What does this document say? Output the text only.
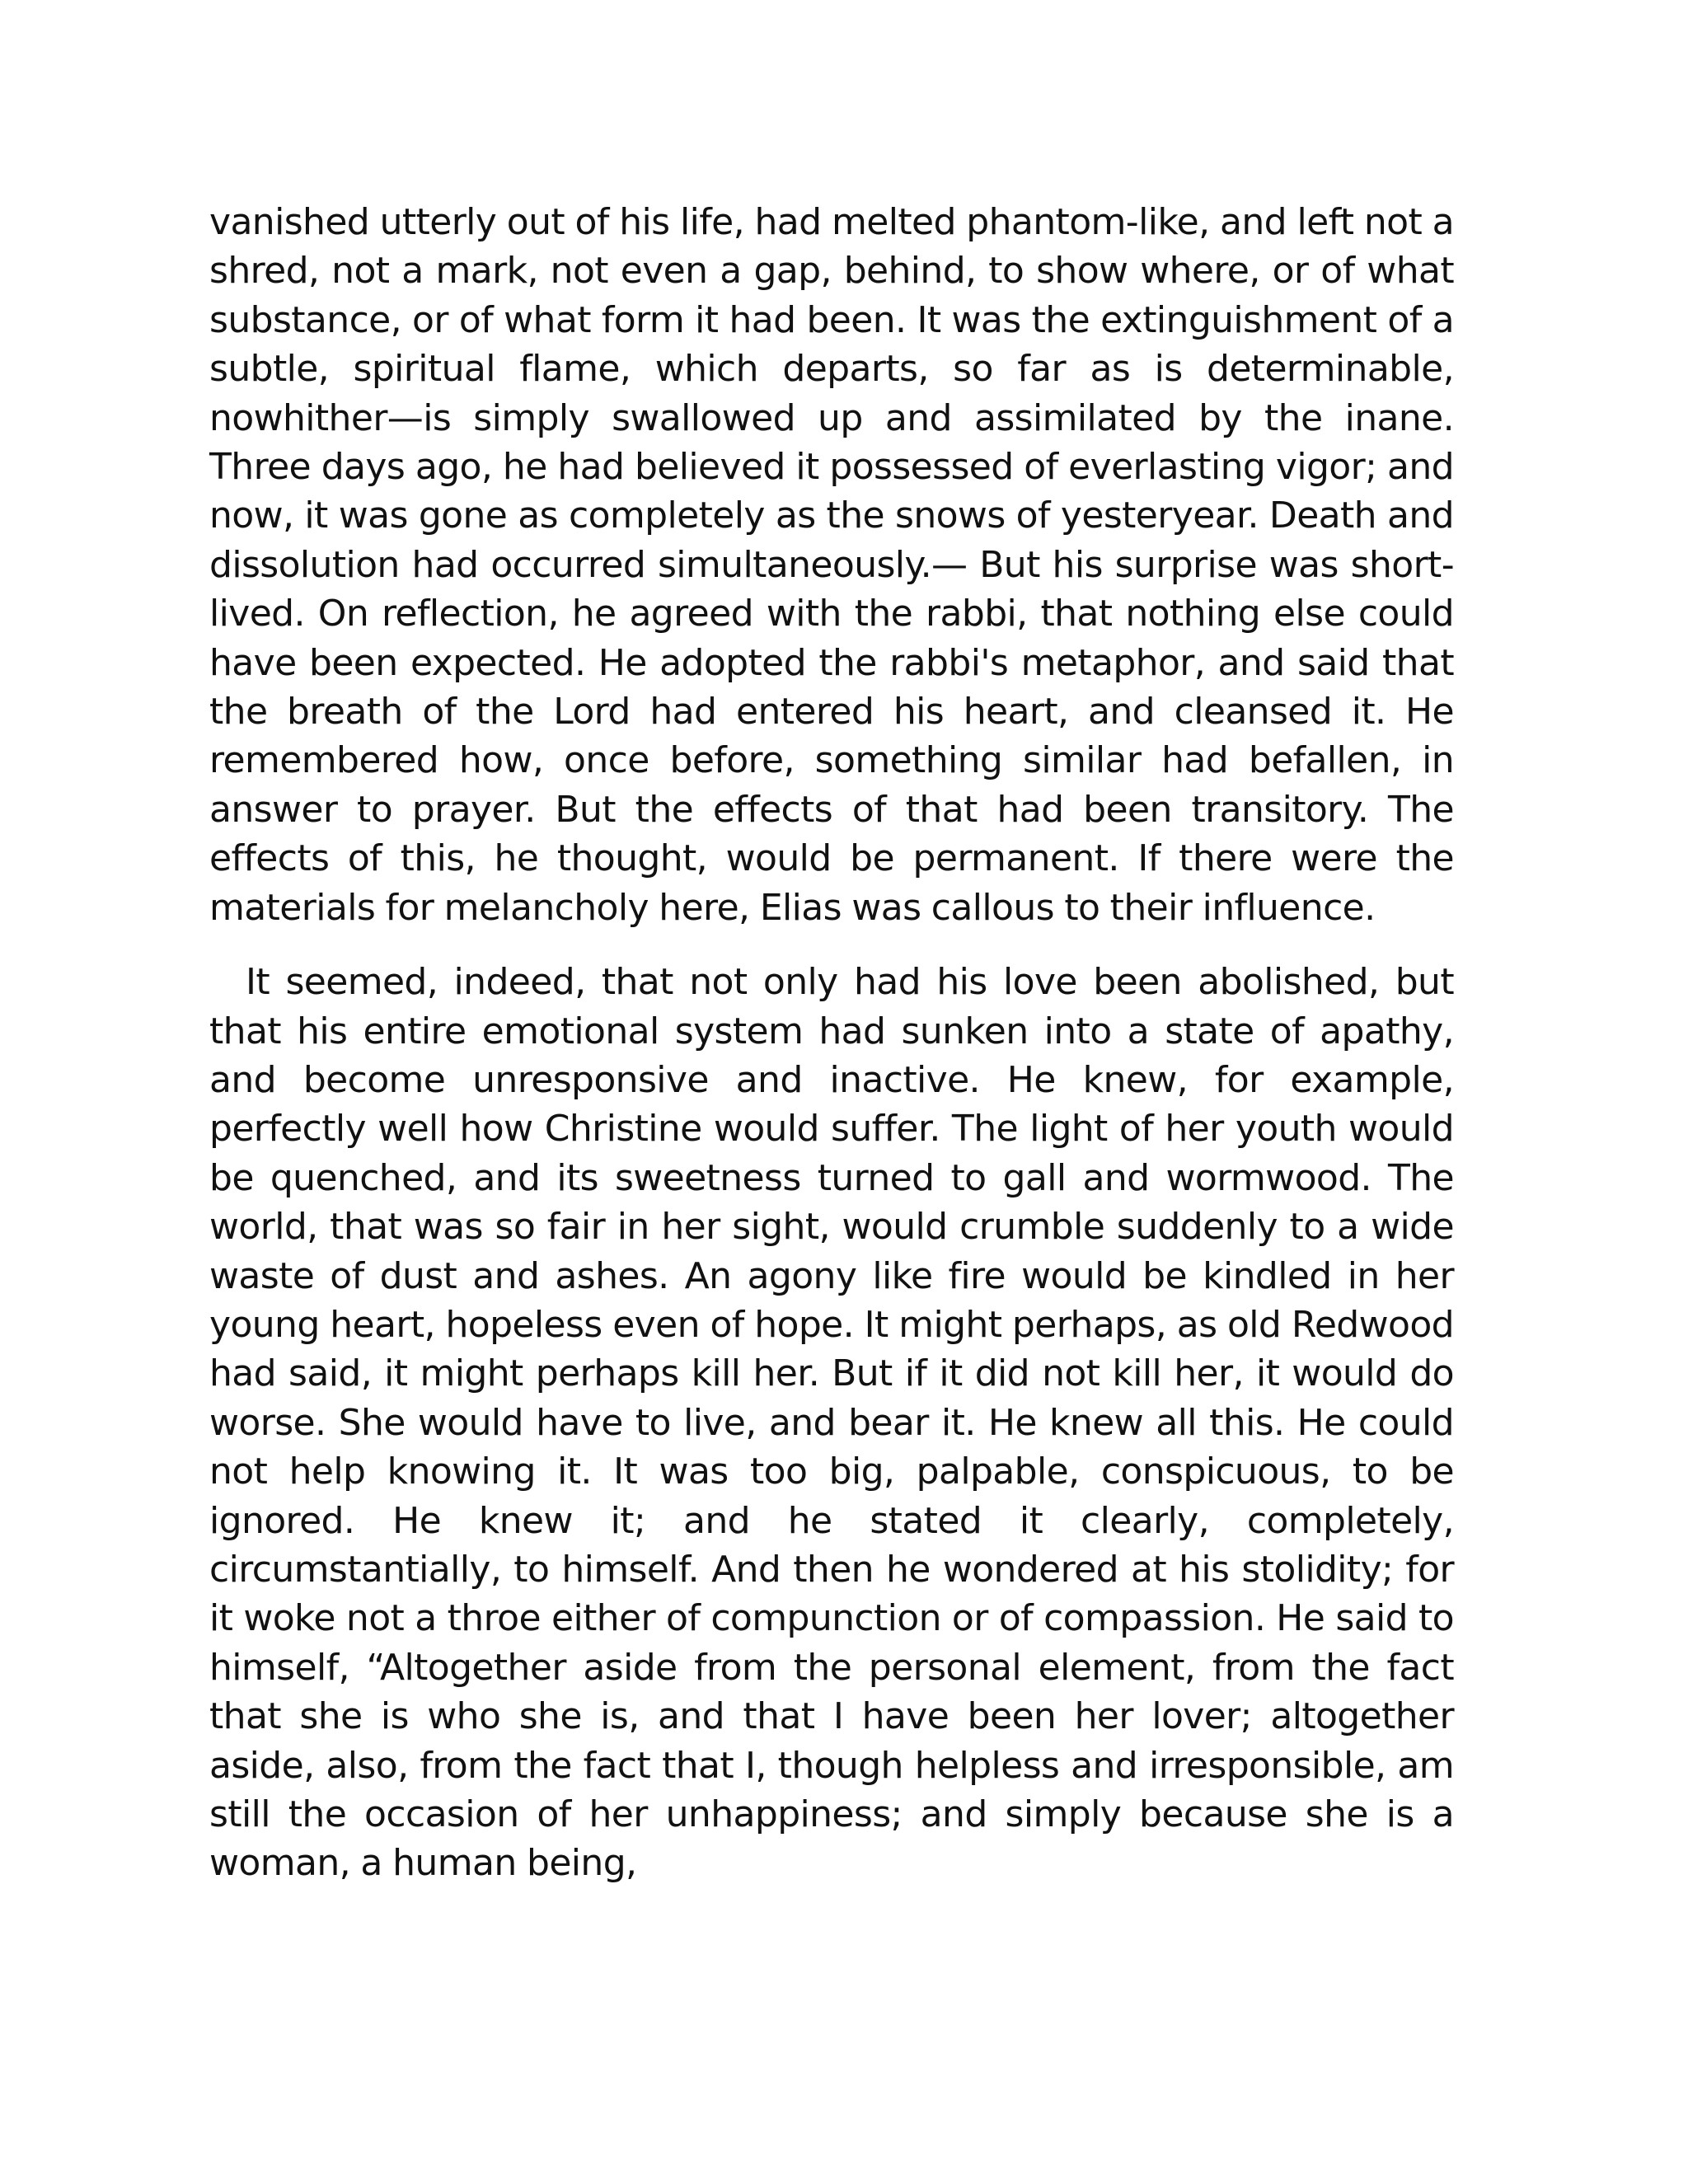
vanished utterly out of his life, had melted phantom-like, and left not a shred, not a mark, not even a gap, behind, to show where, or of what substance, or of what form it had been. It was the extinguishment of a subtle, spiritual flame, which departs, so far as is determinable, nowhither—is simply swallowed up and assimilated by the inane. Three days ago, he had believed it possessed of everlasting vigor; and now, it was gone as completely as the snows of yesteryear. Death and dissolution had occurred simultaneously.— But his surprise was short-lived. On reflection, he agreed with the rabbi, that nothing else could have been expected. He adopted the rabbi's metaphor, and said that the breath of the Lord had entered his heart, and cleansed it. He remembered how, once before, something similar had befallen, in answer to prayer. But the effects of that had been transitory. The effects of this, he thought, would be permanent. If there were the materials for melancholy here, Elias was callous to their influence.

It seemed, indeed, that not only had his love been abolished, but that his entire emotional system had sunken into a state of apathy, and become unresponsive and inactive. He knew, for example, perfectly well how Christine would suffer. The light of her youth would be quenched, and its sweetness turned to gall and wormwood. The world, that was so fair in her sight, would crumble suddenly to a wide waste of dust and ashes. An agony like fire would be kindled in her young heart, hopeless even of hope. It might perhaps, as old Redwood had said, it might perhaps kill her. But if it did not kill her, it would do worse. She would have to live, and bear it. He knew all this. He could not help knowing it. It was too big, palpable, conspicuous, to be ignored. He knew it; and he stated it clearly, completely, circumstantially, to himself. And then he wondered at his stolidity; for it woke not a throe either of compunction or of compassion. He said to himself, “Altogether aside from the personal element, from the fact that she is who she is, and that I have been her lover; altogether aside, also, from the fact that I, though helpless and irresponsible, am still the occasion of her unhappiness; and simply because she is a woman, a human being,
